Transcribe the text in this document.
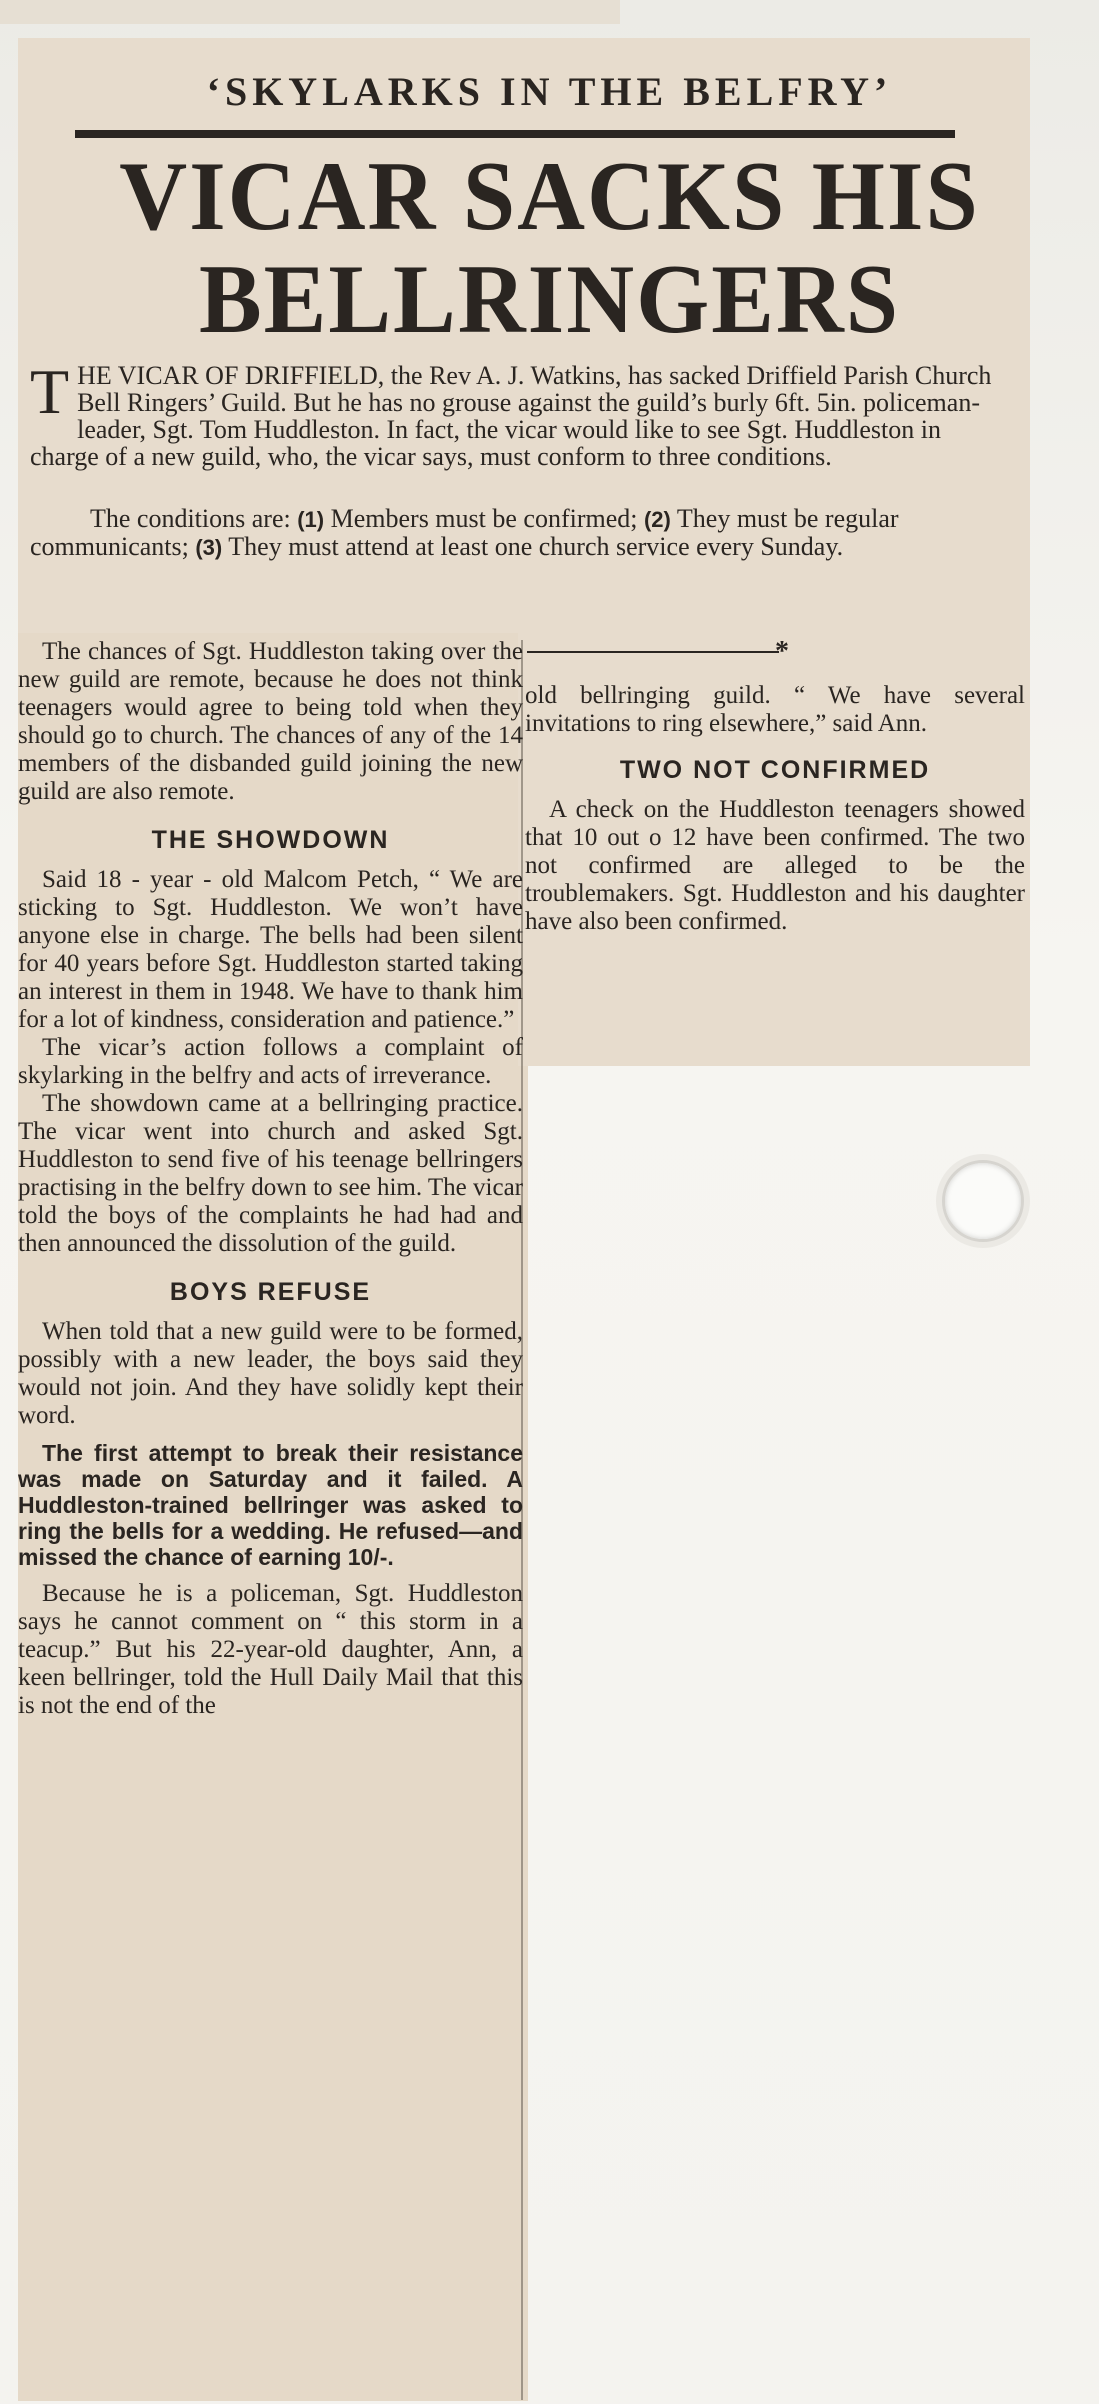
‘SKYLARKS IN THE BELFRY’
VICAR SACKS HIS
BELLRINGERS
THE VICAR OF DRIFFIELD, the Rev A. J. Watkins, has sacked Driffield Parish Church Bell Ringers’ Guild. But he has no grouse against the guild’s burly 6ft. 5in. policeman-leader, Sgt. Tom Huddleston. In fact, the vicar would like to see Sgt. Huddleston in charge of a new guild, who, the vicar says, must conform to three conditions.
The conditions are: (1) Members must be confirmed; (2) They must be regular communicants; (3) They must attend at least one church service every Sunday.
*

The chances of Sgt. Huddleston taking over the new guild are remote, because he does not think teenagers would agree to being told when they should go to church. The chances of any of the 14 members of the disbanded guild joining the new guild are also remote.

THE SHOWDOWN

Said 18 - year - old Malcom Petch, “ We are sticking to Sgt. Huddleston. We won’t have anyone else in charge. The bells had been silent for 40 years before Sgt. Huddleston started taking an interest in them in 1948. We have to thank him for a lot of kindness, consideration and patience.”

The vicar’s action follows a complaint of skylarking in the belfry and acts of irreverance.

The showdown came at a bellringing practice. The vicar went into church and asked Sgt. Huddleston to send five of his teenage bellringers practising in the belfry down to see him. The vicar told the boys of the complaints he had had and then announced the dissolution of the guild.

BOYS REFUSE

When told that a new guild were to be formed, possibly with a new leader, the boys said they would not join. And they have solidly kept their word.

The first attempt to break their resistance was made on Saturday and it failed. A Huddleston-trained bellringer was asked to ring the bells for a wedding. He refused—and missed the chance of earning 10/-.

Because he is a policeman, Sgt. Huddleston says he cannot comment on “ this storm in a teacup.” But his 22-year-old daughter, Ann, a keen bellringer, told the Hull Daily Mail that this is not the end of the

old bellringing guild. “ We have several invitations to ring elsewhere,” said Ann.

TWO NOT CONFIRMED

A check on the Huddleston teenagers showed that 10 out o 12 have been confirmed. The two not confirmed are alleged to be the troublemakers. Sgt. Huddleston and his daughter have also been confirmed.
